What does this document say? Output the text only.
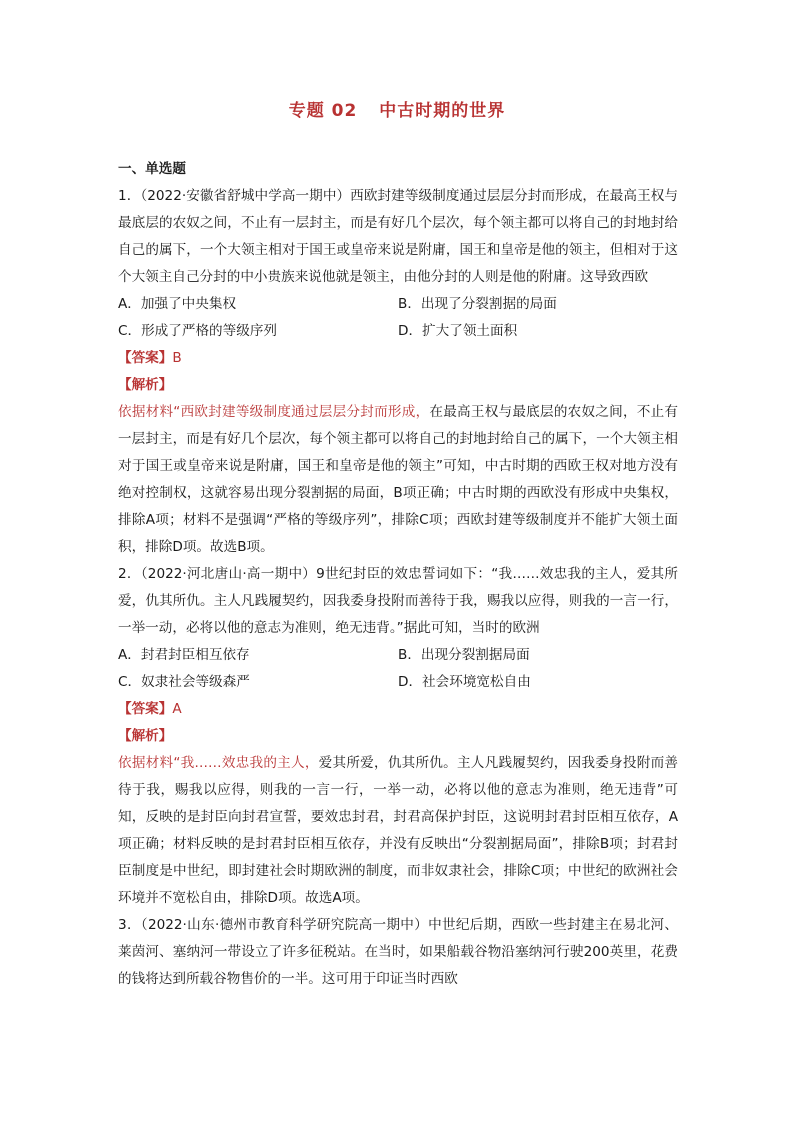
专题 02 中古时期的世界
一、单选题

1．（2022·安徽省舒城中学高一期中）西欧封建等级制度通过层层分封而形成，在最高王权与最底层的农奴之间，不止有一层封主，而是有好几个层次，每个领主都可以将自己的封地封给自己的属下，一个大领主相对于国王或皇帝来说是附庸，国王和皇帝是他的领主，但相对于这个大领主自己分封的中小贵族来说他就是领主，由他分封的人则是他的附庸。这导致西欧

A．加强了中央集权	B．出现了分裂割据的局面
C．形成了严格的等级序列	D．扩大了领土面积
【答案】B
【解析】

依据材料“西欧封建等级制度通过层层分封而形成，在最高王权与最底层的农奴之间，不止有一层封主，而是有好几个层次，每个领主都可以将自己的封地封给自己的属下，一个大领主相对于国王或皇帝来说是附庸，国王和皇帝是他的领主”可知，中古时期的西欧王权对地方没有绝对控制权，这就容易出现分裂割据的局面，B项正确；中古时期的西欧没有形成中央集权，排除A项；材料不是强调“严格的等级序列”，排除C项；西欧封建等级制度并不能扩大领土面积，排除D项。故选B项。

2．（2022·河北唐山·高一期中）9世纪封臣的效忠誓词如下：“我……效忠我的主人，爱其所爱，仇其所仇。主人凡践履契约，因我委身投附而善待于我，赐我以应得，则我的一言一行，一举一动，必将以他的意志为准则，绝无违背。”据此可知，当时的欧洲

A．封君封臣相互依存	B．出现分裂割据局面
C．奴隶社会等级森严	D．社会环境宽松自由
【答案】A
【解析】

依据材料“我……效忠我的主人，爱其所爱，仇其所仇。主人凡践履契约，因我委身投附而善待于我，赐我以应得，则我的一言一行，一举一动，必将以他的意志为准则，绝无违背”可知，反映的是封臣向封君宣誓，要效忠封君，封君高保护封臣，这说明封君封臣相互依存，A项正确；材料反映的是封君封臣相互依存，并没有反映出“分裂割据局面”，排除B项；封君封臣制度是中世纪，即封建社会时期欧洲的制度，而非奴隶社会，排除C项；中世纪的欧洲社会环境并不宽松自由，排除D项。故选A项。

3．（2022·山东·德州市教育科学研究院高一期中）中世纪后期，西欧一些封建主在易北河、莱茵河、塞纳河一带设立了许多征税站。在当时，如果船载谷物沿塞纳河行驶200英里，花费的钱将达到所载谷物售价的一半。这可用于印证当时西欧
